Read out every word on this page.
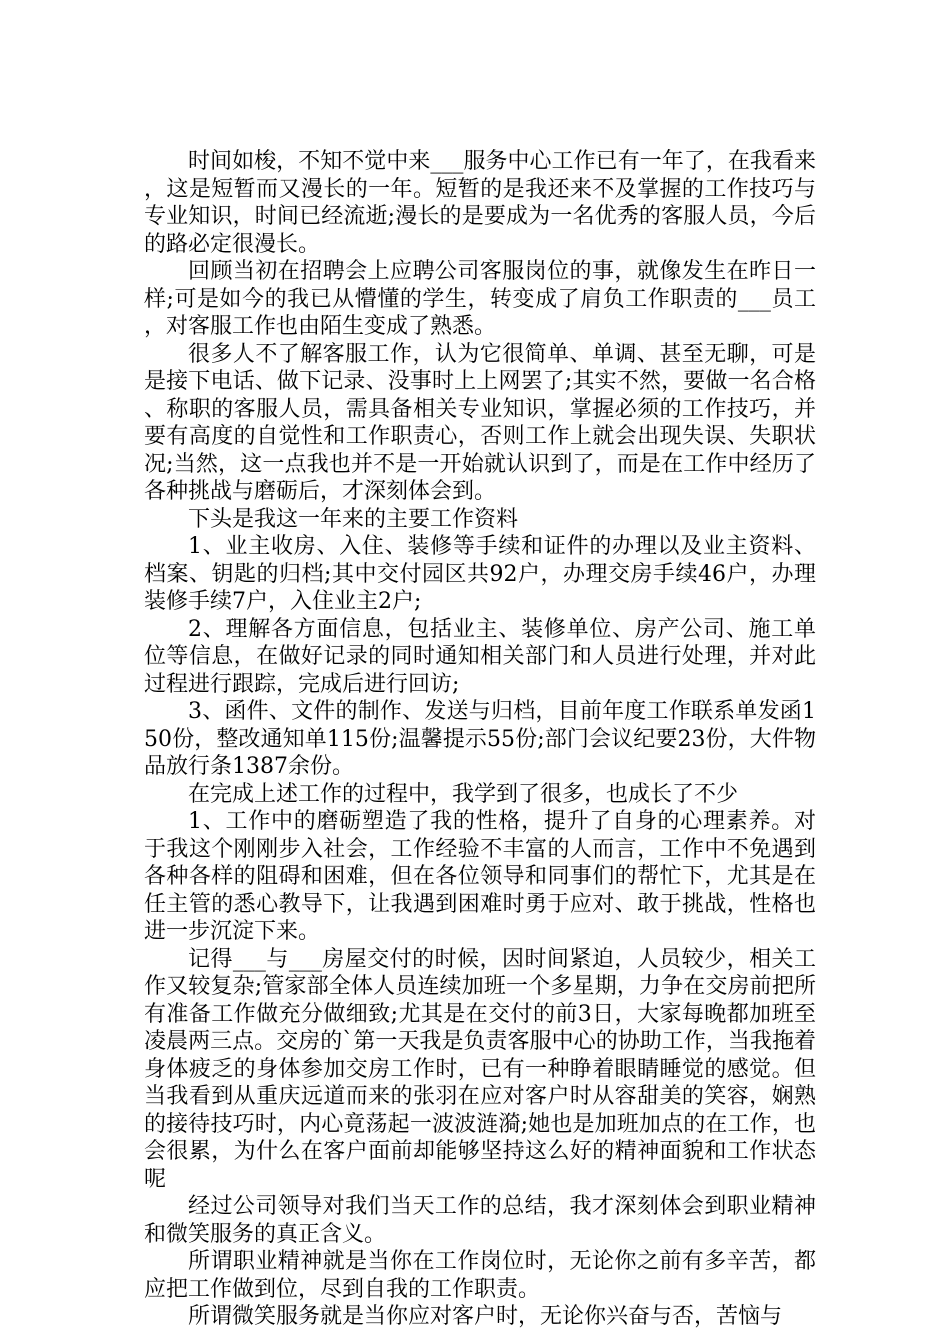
时间如梭，不知不觉中来___服务中心工作已有一年了，在我看来，这是短暂而又漫长的一年。短暂的是我还来不及掌握的工作技巧与专业知识，时间已经流逝;漫长的是要成为一名优秀的客服人员，今后的路必定很漫长。

回顾当初在招聘会上应聘公司客服岗位的事，就像发生在昨日一样;可是如今的我已从懵懂的学生，转变成了肩负工作职责的___员工，对客服工作也由陌生变成了熟悉。

很多人不了解客服工作，认为它很简单、单调、甚至无聊，可是是接下电话、做下记录、没事时上上网罢了;其实不然，要做一名合格、称职的客服人员，需具备相关专业知识，掌握必须的工作技巧，并要有高度的自觉性和工作职责心，否则工作上就会出现失误、失职状况;当然，这一点我也并不是一开始就认识到了，而是在工作中经历了各种挑战与磨砺后，才深刻体会到。

下头是我这一年来的主要工作资料

1、业主收房、入住、装修等手续和证件的办理以及业主资料、档案、钥匙的归档;其中交付园区共92户，办理交房手续46户，办理装修手续7户，入住业主2户;

2、理解各方面信息，包括业主、装修单位、房产公司、施工单位等信息，在做好记录的同时通知相关部门和人员进行处理，并对此过程进行跟踪，完成后进行回访;

3、函件、文件的制作、发送与归档，目前年度工作联系单发函150份，整改通知单115份;温馨提示55份;部门会议纪要23份，大件物品放行条1387余份。

在完成上述工作的过程中，我学到了很多，也成长了不少

1、工作中的磨砺塑造了我的性格，提升了自身的心理素养。对于我这个刚刚步入社会，工作经验不丰富的人而言，工作中不免遇到各种各样的阻碍和困难，但在各位领导和同事们的帮忙下，尤其是在任主管的悉心教导下，让我遇到困难时勇于应对、敢于挑战，性格也进一步沉淀下来。

记得___与___房屋交付的时候，因时间紧迫，人员较少，相关工作又较复杂;管家部全体人员连续加班一个多星期，力争在交房前把所有准备工作做充分做细致;尤其是在交付的前3日，大家每晚都加班至凌晨两三点。交房的`第一天我是负责客服中心的协助工作，当我拖着身体疲乏的身体参加交房工作时，已有一种睁着眼睛睡觉的感觉。但当我看到从重庆远道而来的张羽在应对客户时从容甜美的笑容，娴熟的接待技巧时，内心竟荡起一波波涟漪;她也是加班加点的在工作，也会很累，为什么在客户面前却能够坚持这么好的精神面貌和工作状态呢

经过公司领导对我们当天工作的总结，我才深刻体会到职业精神和微笑服务的真正含义。

所谓职业精神就是当你在工作岗位时，无论你之前有多辛苦，都应把工作做到位，尽到自我的工作职责。

所谓微笑服务就是当你应对客户时，无论你兴奋与否，苦恼与
